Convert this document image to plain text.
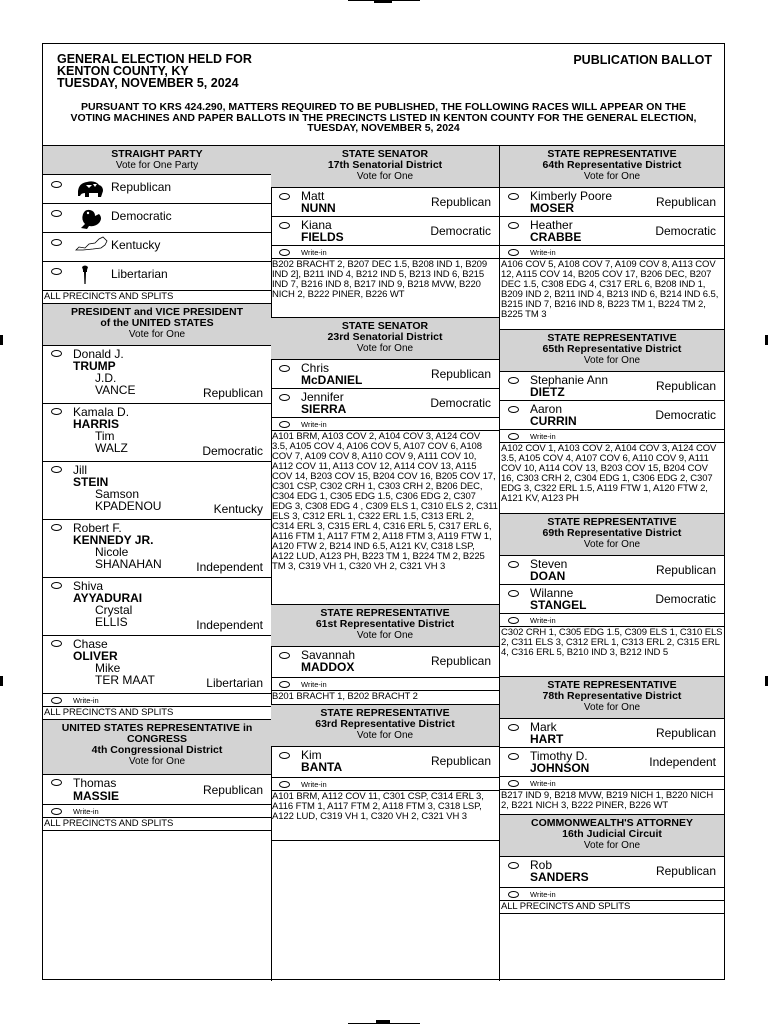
GENERAL ELECTION HELD FOR
KENTON COUNTY, KY
TUESDAY, NOVEMBER 5, 2024
PUBLICATION BALLOT
PURSUANT TO KRS 424.290, MATTERS REQUIRED TO BE PUBLISHED, THE FOLLOWING RACES WILL APPEAR ON THE VOTING MACHINES AND PAPER BALLOTS IN THE PRECINCTS LISTED IN KENTON COUNTY FOR THE GENERAL ELECTION, TUESDAY, NOVEMBER 5, 2024
STRAIGHT PARTY
Vote for One Party
Republican
Democratic
Kentucky
Libertarian
ALL PRECINCTS AND SPLITS
PRESIDENT and VICE PRESIDENT
of the UNITED STATES
Vote for One
Donald J.
TRUMP
J.D.
VANCE	Republican
Kamala D.
HARRIS
Tim
WALZ	Democratic
Jill
STEIN
Samson
KPADENOU	Kentucky
Robert F.
KENNEDY JR.
Nicole
SHANAHAN	Independent
Shiva
AYYADURAI
Crystal
ELLIS	Independent
Chase
OLIVER
Mike
TER MAAT	Libertarian
Write-in
ALL PRECINCTS AND SPLITS
UNITED STATES REPRESENTATIVE in
CONGRESS
4th Congressional District
Vote for One
Thomas
MASSIE	Republican
Write-in
ALL PRECINCTS AND SPLITS
STATE SENATOR
17th Senatorial District
Vote for One
Matt
NUNN	Republican
Kiana
FIELDS	Democratic
Write-in
B202 BRACHT 2, B207 DEC 1.5, B208 IND 1, B209 IND 2], B211 IND 4, B212 IND 5, B213 IND 6, B215 IND 7, B216 IND 8, B217 IND 9, B218 MVW, B220 NICH 2, B222 PINER, B226 WT
STATE SENATOR
23rd Senatorial District
Vote for One
Chris
McDANIEL	Republican
Jennifer
SIERRA	Democratic
Write-in
A101 BRM, A103 COV 2, A104 COV 3, A124 COV 3.5, A105 COV 4, A106 COV 5, A107 COV 6, A108 COV 7, A109 COV 8, A110 COV 9, A111 COV 10, A112 COV 11, A113 COV 12, A114 COV 13, A115 COV 14, B203 COV 15, B204 COV 16, B205 COV 17, C301 CSP, C302 CRH 1, C303 CRH 2, B206 DEC, C304 EDG 1, C305 EDG 1.5, C306 EDG 2, C307 EDG 3, C308 EDG 4 , C309 ELS 1, C310 ELS 2, C311 ELS 3, C312 ERL 1, C322 ERL 1.5, C313 ERL 2, C314 ERL 3, C315 ERL 4, C316 ERL 5, C317 ERL 6, A116 FTM 1, A117 FTM 2, A118 FTM 3, A119 FTW 1, A120 FTW 2, B214 IND 6.5, A121 KV, C318 LSP, A122 LUD, A123 PH, B223 TM 1, B224 TM 2, B225 TM 3, C319 VH 1, C320 VH 2, C321 VH 3
STATE REPRESENTATIVE
61st Representative District
Vote for One
Savannah
MADDOX	Republican
Write-in
B201 BRACHT 1, B202 BRACHT 2
STATE REPRESENTATIVE
63rd Representative District
Vote for One
Kim
BANTA	Republican
Write-in
A101 BRM, A112 COV 11, C301 CSP, C314 ERL 3, A116 FTM 1, A117 FTM 2, A118 FTM 3, C318 LSP, A122 LUD, C319 VH 1, C320 VH 2, C321 VH 3
STATE REPRESENTATIVE
64th Representative District
Vote for One
Kimberly Poore
MOSER	Republican
Heather
CRABBE	Democratic
Write-in
A106 COV 5, A108 COV 7, A109 COV 8, A113 COV 12, A115 COV 14, B205 COV 17, B206 DEC, B207 DEC 1.5, C308 EDG 4, C317 ERL 6, B208 IND 1, B209 IND 2, B211 IND 4, B213 IND 6, B214 IND 6.5, B215 IND 7, B216 IND 8, B223 TM 1, B224 TM 2, B225 TM 3
STATE REPRESENTATIVE
65th Representative District
Vote for One
Stephanie Ann
DIETZ	Republican
Aaron
CURRIN	Democratic
Write-in
A102 COV 1, A103 COV 2, A104 COV 3, A124 COV 3.5, A105 COV 4, A107 COV 6, A110 COV 9, A111 COV 10, A114 COV 13, B203 COV 15, B204 COV 16, C303 CRH 2, C304 EDG 1, C306 EDG 2, C307 EDG 3, C322 ERL 1.5, A119 FTW 1, A120 FTW 2, A121 KV, A123 PH
STATE REPRESENTATIVE
69th Representative District
Vote for One
Steven
DOAN	Republican
Wilanne
STANGEL	Democratic
Write-in
C302 CRH 1, C305 EDG 1.5, C309 ELS 1, C310 ELS 2, C311 ELS 3, C312 ERL 1, C313 ERL 2, C315 ERL 4, C316 ERL 5, B210 IND 3, B212 IND 5
STATE REPRESENTATIVE
78th Representative District
Vote for One
Mark
HART	Republican
Timothy D.
JOHNSON	Independent
Write-in
B217 IND 9, B218 MVW, B219 NICH 1, B220 NICH 2, B221 NICH 3, B222 PINER, B226 WT
COMMONWEALTH'S ATTORNEY
16th Judicial Circuit
Vote for One
Rob
SANDERS	Republican
Write-in
ALL PRECINCTS AND SPLITS
